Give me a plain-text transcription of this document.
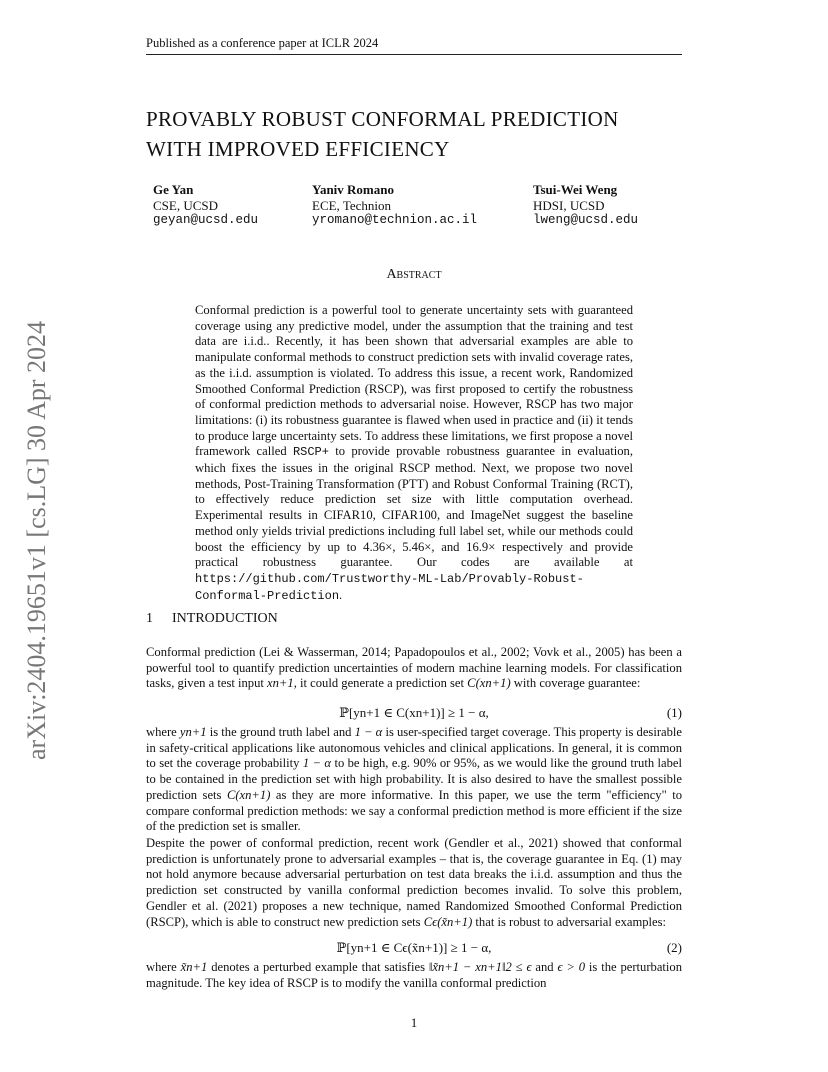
Published as a conference paper at ICLR 2024
arXiv:2404.19651v1 [cs.LG] 30 Apr 2024
PROVABLY ROBUST CONFORMAL PREDICTION
WITH IMPROVED EFFICIENCY
Ge Yan
CSE, UCSD
geyan@ucsd.edu
Yaniv Romano
ECE, Technion
yromano@technion.ac.il
Tsui-Wei Weng
HDSI, UCSD
lweng@ucsd.edu
Abstract
Conformal prediction is a powerful tool to generate uncertainty sets with guaranteed coverage using any predictive model, under the assumption that the training and test data are i.i.d.. Recently, it has been shown that adversarial examples are able to manipulate conformal methods to construct prediction sets with invalid coverage rates, as the i.i.d. assumption is violated. To address this issue, a recent work, Randomized Smoothed Conformal Prediction (RSCP), was first proposed to certify the robustness of conformal prediction methods to adversarial noise. However, RSCP has two major limitations: (i) its robustness guarantee is flawed when used in practice and (ii) it tends to produce large uncertainty sets. To address these limitations, we first propose a novel framework called RSCP+ to provide provable robustness guarantee in evaluation, which fixes the issues in the original RSCP method. Next, we propose two novel methods, Post-Training Transformation (PTT) and Robust Conformal Training (RCT), to effectively reduce prediction set size with little computation overhead. Experimental results in CIFAR10, CIFAR100, and ImageNet suggest the baseline method only yields trivial predictions including full label set, while our methods could boost the efficiency by up to 4.36×, 5.46×, and 16.9× respectively and provide practical robustness guarantee. Our codes are available at https://github.com/Trustworthy-ML-Lab/Provably-Robust-Conformal-Prediction.
1 INTRODUCTION

Conformal prediction (Lei & Wasserman, 2014; Papadopoulos et al., 2002; Vovk et al., 2005) has been a powerful tool to quantify prediction uncertainties of modern machine learning models. For classification tasks, given a test input xn+1, it could generate a prediction set C(xn+1) with coverage guarantee:

ℙ[yn+1 ∈ C(xn+1)] ≥ 1 − α,	(1)

where yn+1 is the ground truth label and 1 − α is user-specified target coverage. This property is desirable in safety-critical applications like autonomous vehicles and clinical applications. In general, it is common to set the coverage probability 1 − α to be high, e.g. 90% or 95%, as we would like the ground truth label to be contained in the prediction set with high probability. It is also desired to have the smallest possible prediction sets C(xn+1) as they are more informative. In this paper, we use the term "efficiency" to compare conformal prediction methods: we say a conformal prediction method is more efficient if the size of the prediction set is smaller.

Despite the power of conformal prediction, recent work (Gendler et al., 2021) showed that conformal prediction is unfortunately prone to adversarial examples – that is, the coverage guarantee in Eq. (1) may not hold anymore because adversarial perturbation on test data breaks the i.i.d. assumption and thus the prediction set constructed by vanilla conformal prediction becomes invalid. To solve this problem, Gendler et al. (2021) proposes a new technique, named Randomized Smoothed Conformal Prediction (RSCP), which is able to construct new prediction sets Cϵ(x̃n+1) that is robust to adversarial examples:

ℙ[yn+1 ∈ Cϵ(x̃n+1)] ≥ 1 − α,	(2)

where x̃n+1 denotes a perturbed example that satisfies ‖x̃n+1 − xn+1‖2 ≤ ϵ and ϵ > 0 is the perturbation magnitude. The key idea of RSCP is to modify the vanilla conformal prediction

1
